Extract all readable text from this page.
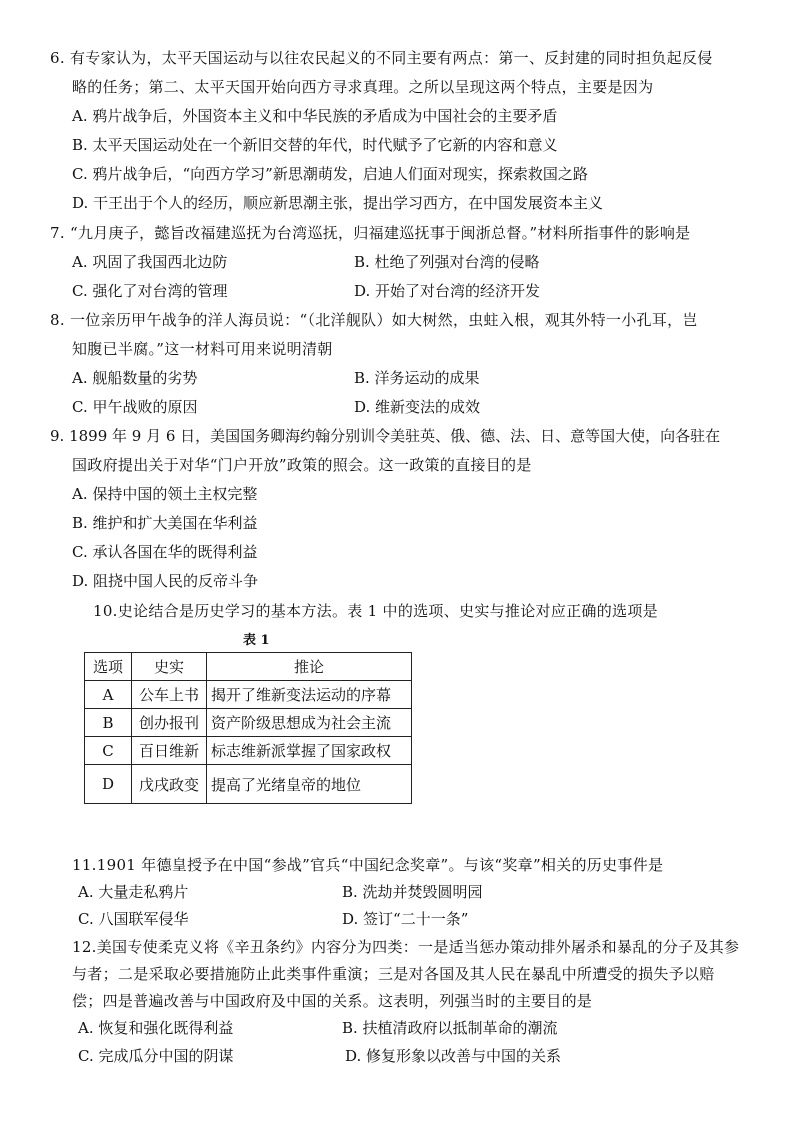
6. 有专家认为，太平天国运动与以往农民起义的不同主要有两点：第一、反封建的同时担负起反侵
略的任务；第二、太平天国开始向西方寻求真理。之所以呈现这两个特点，主要是因为
A. 鸦片战争后，外国资本主义和中华民族的矛盾成为中国社会的主要矛盾
B. 太平天国运动处在一个新旧交替的年代，时代赋予了它新的内容和意义
C. 鸦片战争后，“向西方学习”新思潮萌发，启迪人们面对现实，探索救国之路
D. 干王出于个人的经历，顺应新思潮主张，提出学习西方，在中国发展资本主义
7. “九月庚子，懿旨改福建巡抚为台湾巡抚，归福建巡抚事于闽浙总督。”材料所指事件的影响是
A. 巩固了我国西北边防	B. 杜绝了列强对台湾的侵略
C. 强化了对台湾的管理	D. 开始了对台湾的经济开发
8. 一位亲历甲午战争的洋人海员说：“（北洋舰队）如大树然，虫蛀入根，观其外特一小孔耳，岂
知腹已半腐。”这一材料可用来说明清朝
A. 舰船数量的劣势	B. 洋务运动的成果
C. 甲午战败的原因	D. 维新变法的成效
9. 1899 年 9 月 6 日，美国国务卿海约翰分别训令美驻英、俄、德、法、日、意等国大使，向各驻在
国政府提出关于对华“门户开放”政策的照会。这一政策的直接目的是
A. 保持中国的领土主权完整
B. 维护和扩大美国在华利益
C. 承认各国在华的既得利益
D. 阻挠中国人民的反帝斗争
10.史论结合是历史学习的基本方法。表 1 中的选项、史实与推论对应正确的选项是
表 1
选项	史实	推论
A	公车上书	揭开了维新变法运动的序幕
B	创办报刊	资产阶级思想成为社会主流
C	百日维新	标志维新派掌握了国家政权
D	戊戌政变	提高了光绪皇帝的地位
11.1901 年德皇授予在中国“参战”官兵“中国纪念奖章”。与该“奖章”相关的历史事件是
A. 大量走私鸦片	B. 洗劫并焚毁圆明园
C. 八国联军侵华	D. 签订“二十一条”
12.美国专使柔克义将《辛丑条约》内容分为四类：一是适当惩办策动排外屠杀和暴乱的分子及其参
与者；二是采取必要措施防止此类事件重演；三是对各国及其人民在暴乱中所遭受的损失予以赔
偿；四是普遍改善与中国政府及中国的关系。这表明，列强当时的主要目的是
A. 恢复和强化既得利益	B. 扶植清政府以抵制革命的潮流
C. 完成瓜分中国的阴谋	D. 修复形象以改善与中国的关系
